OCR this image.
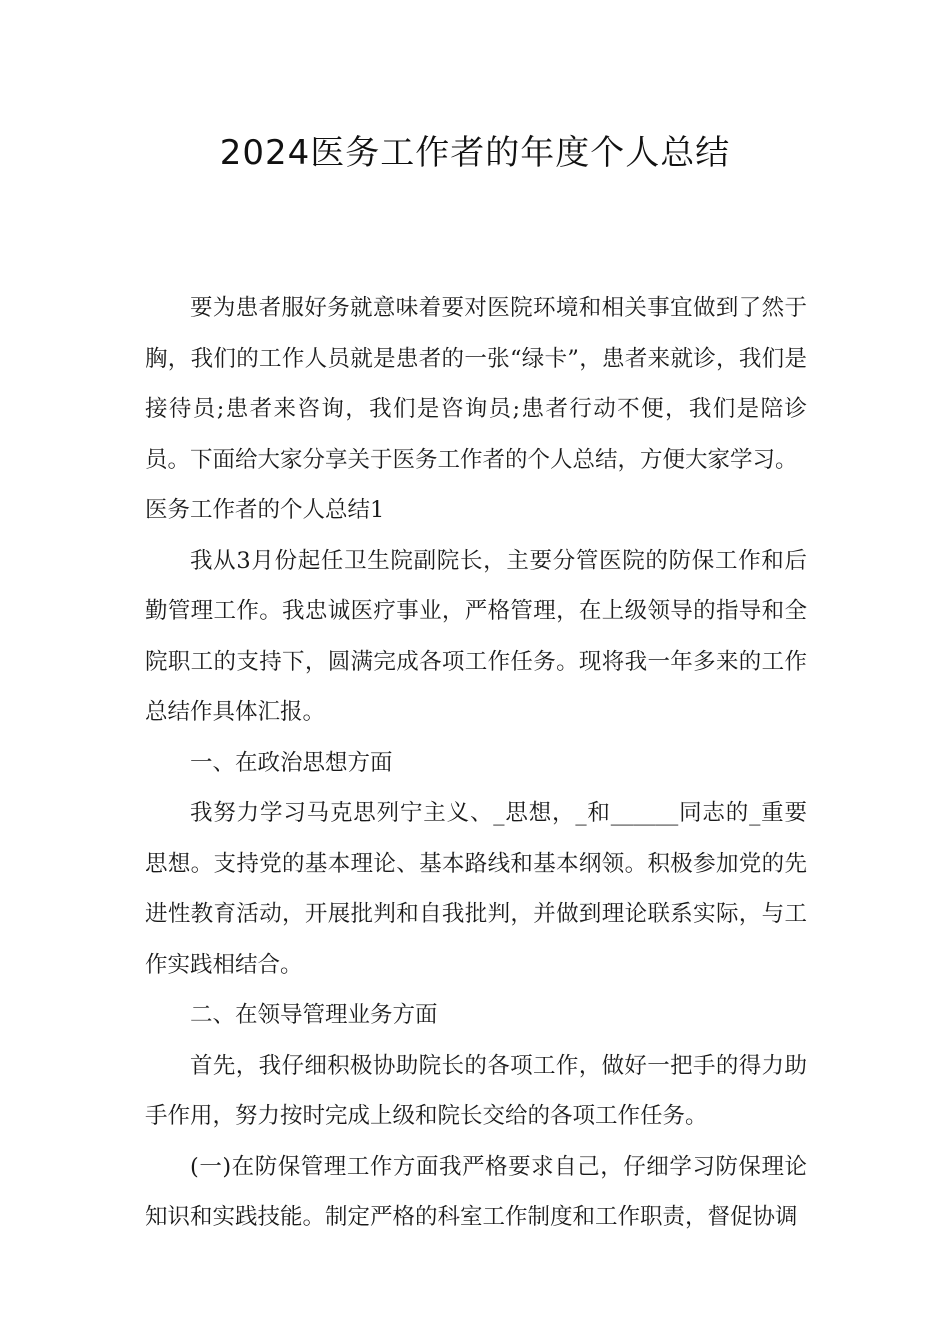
2024医务工作者的年度个人总结

要为患者服好务就意味着要对医院环境和相关事宜做到了然于胸，我们的工作人员就是患者的一张“绿卡”，患者来就诊，我们是接待员;患者来咨询，我们是咨询员;患者行动不便，我们是陪诊员。下面给大家分享关于医务工作者的个人总结，方便大家学习。

医务工作者的个人总结1

我从3月份起任卫生院副院长，主要分管医院的防保工作和后勤管理工作。我忠诚医疗事业，严格管理，在上级领导的指导和全院职工的支持下，圆满完成各项工作任务。现将我一年多来的工作总结作具体汇报。

一、在政治思想方面

我努力学习马克思列宁主义、_思想，_和______同志的_重要思想。支持党的基本理论、基本路线和基本纲领。积极参加党的先进性教育活动，开展批判和自我批判，并做到理论联系实际，与工作实践相结合。

二、在领导管理业务方面

首先，我仔细积极协助院长的各项工作，做好一把手的得力助手作用，努力按时完成上级和院长交给的各项工作任务。

(一)在防保管理工作方面我严格要求自己，仔细学习防保理论知识和实践技能。制定严格的科室工作制度和工作职责，督促协调
